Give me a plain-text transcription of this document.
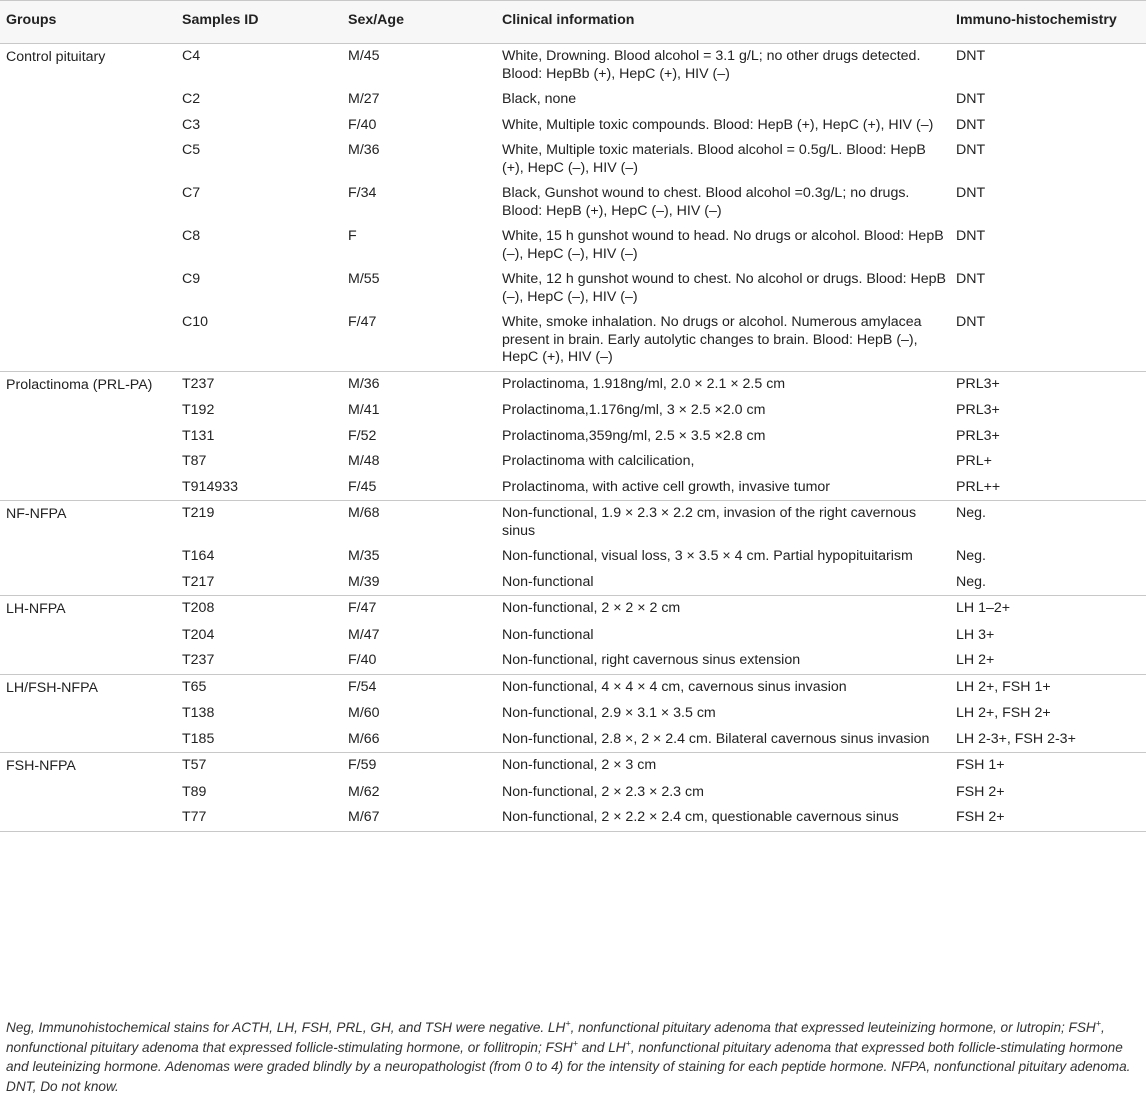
Groups	Samples ID	Sex/Age	Clinical information	Immuno-histochemistry
Control pituitary	C4	M/45	White, Drowning. Blood alcohol = 3.1 g/L; no other drugs detected. Blood: HepBb (+), HepC (+), HIV (–)	DNT
	C2	M/27	Black, none	DNT
	C3	F/40	White, Multiple toxic compounds. Blood: HepB (+), HepC (+), HIV (–)	DNT
	C5	M/36	White, Multiple toxic materials. Blood alcohol = 0.5g/L. Blood: HepB (+), HepC (–), HIV (–)	DNT
	C7	F/34	Black, Gunshot wound to chest. Blood alcohol =0.3g/L; no drugs. Blood: HepB (+), HepC (–), HIV (–)	DNT
	C8	F	White, 15 h gunshot wound to head. No drugs or alcohol. Blood: HepB (–), HepC (–), HIV (–)	DNT
	C9	M/55	White, 12 h gunshot wound to chest. No alcohol or drugs. Blood: HepB (–), HepC (–), HIV (–)	DNT
	C10	F/47	White, smoke inhalation. No drugs or alcohol. Numerous amylacea present in brain. Early autolytic changes to brain. Blood: HepB (–), HepC (+), HIV (–)	DNT
Prolactinoma (PRL-PA)	T237	M/36	Prolactinoma, 1.918ng/ml, 2.0 × 2.1 × 2.5 cm	PRL3+
	T192	M/41	Prolactinoma,1.176ng/ml, 3 × 2.5 ×2.0 cm	PRL3+
	T131	F/52	Prolactinoma,359ng/ml, 2.5 × 3.5 ×2.8 cm	PRL3+
	T87	M/48	Prolactinoma with calcilication,	PRL+
	T914933	F/45	Prolactinoma, with active cell growth, invasive tumor	PRL++
NF-NFPA	T219	M/68	Non-functional, 1.9 × 2.3 × 2.2 cm, invasion of the right cavernous sinus	Neg.
	T164	M/35	Non-functional, visual loss, 3 × 3.5 × 4 cm. Partial hypopituitarism	Neg.
	T217	M/39	Non-functional	Neg.
LH-NFPA	T208	F/47	Non-functional, 2 × 2 × 2 cm	LH 1–2+
	T204	M/47	Non-functional	LH 3+
	T237	F/40	Non-functional, right cavernous sinus extension	LH 2+
LH/FSH-NFPA	T65	F/54	Non-functional, 4 × 4 × 4 cm, cavernous sinus invasion	LH 2+, FSH 1+
	T138	M/60	Non-functional, 2.9 × 3.1 × 3.5 cm	LH 2+, FSH 2+
	T185	M/66	Non-functional, 2.8 ×, 2 × 2.4 cm. Bilateral cavernous sinus invasion	LH 2-3+, FSH 2-3+
FSH-NFPA	T57	F/59	Non-functional, 2 × 3 cm	FSH 1+
	T89	M/62	Non-functional, 2 × 2.3 × 2.3 cm	FSH 2+
	T77	M/67	Non-functional, 2 × 2.2 × 2.4 cm, questionable cavernous sinus	FSH 2+
Neg, Immunohistochemical stains for ACTH, LH, FSH, PRL, GH, and TSH were negative. LH+, nonfunctional pituitary adenoma that expressed leuteinizing hormone, or lutropin; FSH+, nonfunctional pituitary adenoma that expressed follicle-stimulating hormone, or follitropin; FSH+ and LH+, nonfunctional pituitary adenoma that expressed both follicle-stimulating hormone and leuteinizing hormone. Adenomas were graded blindly by a neuropathologist (from 0 to 4) for the intensity of staining for each peptide hormone. NFPA, nonfunctional pituitary adenoma. DNT, Do not know.
